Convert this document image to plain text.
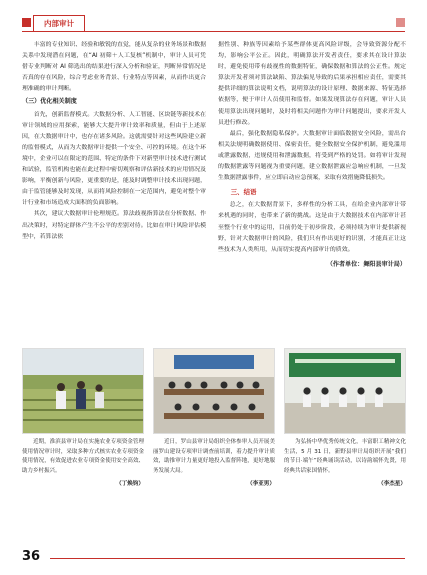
内部审计

丰富的专业知识、经验和敏锐的直觉，能从复杂的业务场景和数据关系中发现潜在问题，在“AI 初筛＋人工复核”机制中，审计人员可凭借专业判断对 AI 筛选出的结果进行深入分析和验证，判断异常情况是否真的存在风险，综合考虑业务背景、行业特点等因素，从而作出更合理准确的审计判断。

（三）优化相关制度

首先，创新监督模式。大数据分析、人工智能、区块链等新技术在审计领域的应用探索，能够大大提升审计效率和质量，但由于上述原因，在大数据审计中，也存在诸多风险。这就需要针对这些风险建立新的监督模式，从而为大数据审计提供一个安全、可控的环境。在这个环境中，企业可以在限定的范围、特定的条件下对新型审计技术进行测试和试验，监管机构也能在此过程中密切观察和评估新技术的应用情况及影响，平衡创新与风险，更重要的是，能及时调整审计技术出现问题，由于监管能够及时发现，从而将风险控制在一定范围内，避免对整个审计行业和市场造成大面积的负面影响。

其次，建议大数据审计伦理规范。算法歧视指算法在分析数据、作出决策时，对特定群体产生不公平的差别对待。比如在审计风险评估模型中，若算法依

据性别、种族等因素给予某些群体更高风险评级，会导致资源分配不均，影响公平公正。因此，明确算法开发者责任，要求其在设计算法时，避免使用带有歧视性的数据特征，确保数据和算法的公正性。规定算法开发者须对算法缺陷、算法偏见导致的后果承担相应责任，需要其提供详细的算法说明文档，说明算法的设计原理、数据来源、特征选择依据等，便于审计人员使用和监督。如果发现算法存在问题，审计人员使用算法出现问题时，及时将相关问题作为审计问题提出，要求开发人员进行修改。

最后，强化数据隐私保护。大数据审计面临数据安全风险，需出台相关法规明确数据使用、保密责任，健全数据安全保护机制，避免滥用或泄露数据，违规使用和泄露数据，将受到严格的处罚。如将审计发现的数据泄露等问题视为重要问题，建立数据泄露应急响应机制，一旦发生数据泄露事件，应立即启动应急预案，采取有效措施降低损失。

三、结语

总之，在大数据背景下，多样性的分析工具，在给企业内部审计带来机遇的同时，也带来了新的挑战。这是由于大数据技术在内部审计甚至整个行业中的运用，目前仍处于初步阶段，必须持续为审计提供新视野，针对大数据审计的风险，我们只有作出更好的识别，才能真正让这些技术为人类所用，从而切实提高内部审计的质效。

（作者单位：舞阳县审计局）
近期，淮滨县审计局在实施农业专项资金管理使用情况审计时，采取多种方式核实农业专项资金使用情况，有效促进农业专项资金使用安全高效、助力乡村振兴。
（丁焕钧）
近日，罗山县审计局组织全体参审人员开展美丽罗山建设专项审计调查前培训，着力提升审计质效，助推审计力量更好地投入监督阵地，更好地服务发展大局。
（李亚男）
为弘扬中华优秀传统文化，丰富职工精神文化生活，5 月 31 日，新野县审计局组织开展“我们的节日·端午”经典诵读活动，以诗韵端怀先贤，用经典共话家国情怀。
（李杰星）
36
